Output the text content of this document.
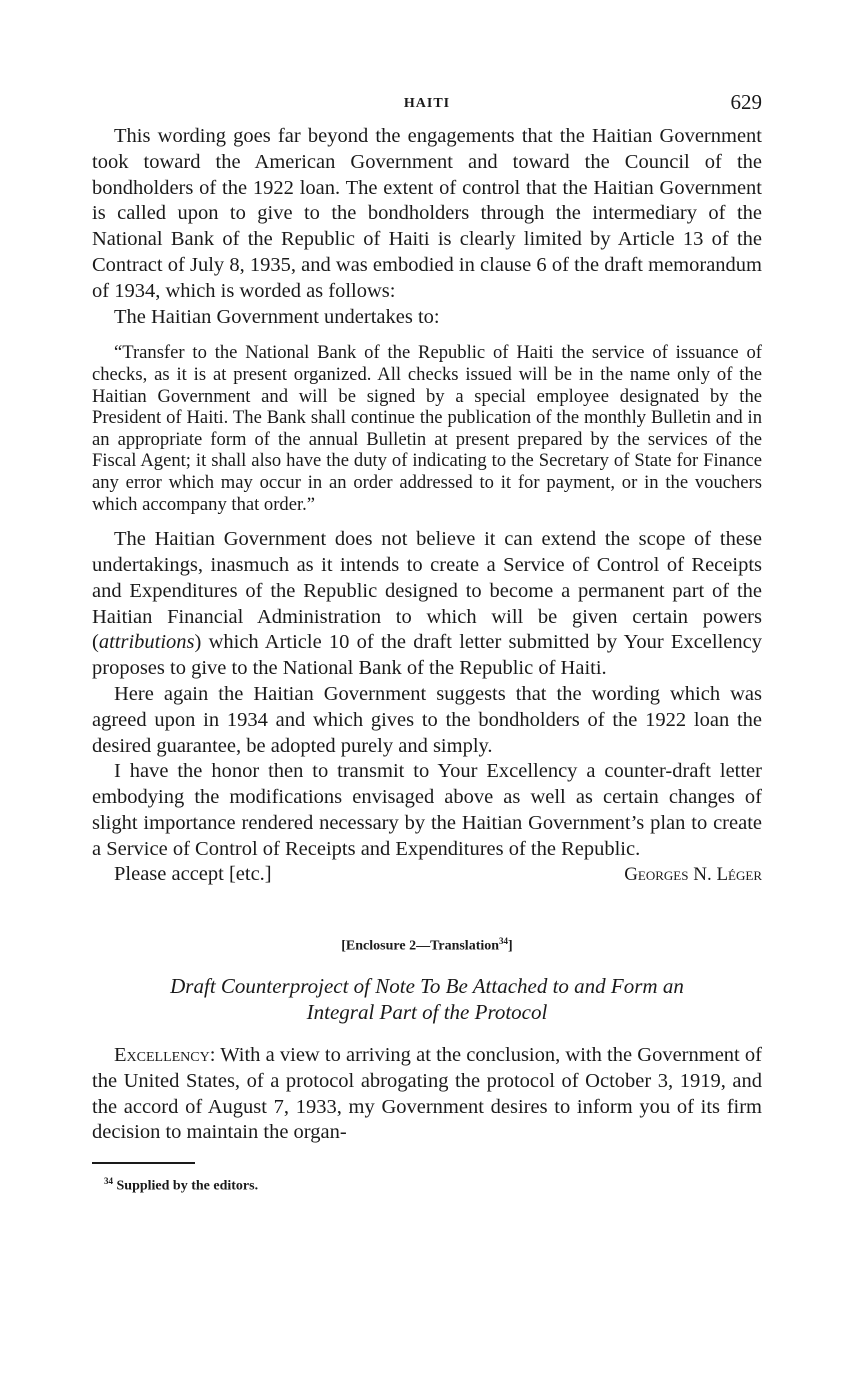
HAITI	629

This wording goes far beyond the engagements that the Haitian Government took toward the American Government and toward the Council of the bondholders of the 1922 loan. The extent of control that the Haitian Government is called upon to give to the bondholders through the intermediary of the National Bank of the Republic of Haiti is clearly limited by Article 13 of the Contract of July 8, 1935, and was embodied in clause 6 of the draft memorandum of 1934, which is worded as follows:

The Haitian Government undertakes to:

“Transfer to the National Bank of the Republic of Haiti the service of issuance of checks, as it is at present organized. All checks issued will be in the name only of the Haitian Government and will be signed by a special employee designated by the President of Haiti. The Bank shall continue the publication of the monthly Bulletin and in an appropriate form of the annual Bulletin at present prepared by the services of the Fiscal Agent; it shall also have the duty of indicating to the Secretary of State for Finance any error which may occur in an order addressed to it for payment, or in the vouchers which accompany that order.”

The Haitian Government does not believe it can extend the scope of these undertakings, inasmuch as it intends to create a Service of Control of Receipts and Expenditures of the Republic designed to become a permanent part of the Haitian Financial Administration to which will be given certain powers (attributions) which Article 10 of the draft letter submitted by Your Excellency proposes to give to the National Bank of the Republic of Haiti.

Here again the Haitian Government suggests that the wording which was agreed upon in 1934 and which gives to the bondholders of the 1922 loan the desired guarantee, be adopted purely and simply.

I have the honor then to transmit to Your Excellency a counter-draft letter embodying the modifications envisaged above as well as certain changes of slight importance rendered necessary by the Haitian Government’s plan to create a Service of Control of Receipts and Expenditures of the Republic.

Please accept [etc.]	Georges N. Léger
[Enclosure 2—Translation$^{34}$]
Draft Counterproject of Note To Be Attached to and Form an
Integral Part of the Protocol

Excellency: With a view to arriving at the conclusion, with the Government of the United States, of a protocol abrogating the protocol of October 3, 1919, and the accord of August 7, 1933, my Government desires to inform you of its firm decision to maintain the organ-

$^{34}$ Supplied by the editors.
